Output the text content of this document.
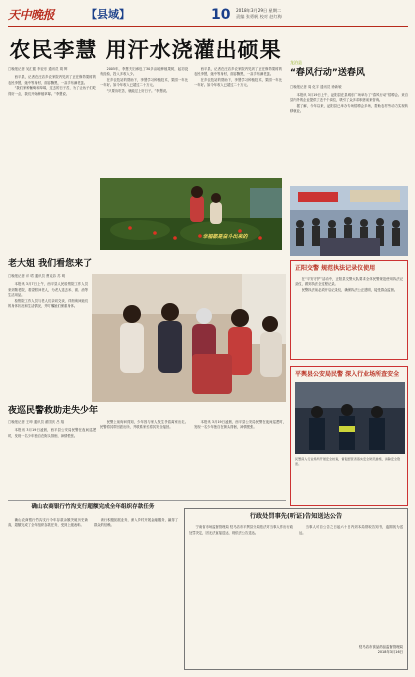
天中晚报	【县域】	10 2018年3月29日 星期二
责编 张勇帆 校对 赵红梅
农民李慧 用汗水浇灌出硕果
□晚报记者 吴汇健 李亚东 通讯员 胡 辉

西平县，记者在汪店乡农家院内见到了正在修剪果树的农民李慧，她中等身材，面容黝黑，一双手布满老茧。

“我们家种葡萄和草莓，过去的日子苦，为了让孩子们吃得好一点，我们开始种植草莓。”李慧说。

2005年，李慧夫妇承包了30多亩地种植果树，起初没有经验，投入多收入少。

在乡农技站的帮助下，李慧学习种植技术，果园一年比一年好。如今年收入已超过二十万元。

“只要肯吃苦，就能过上好日子。”李慧说。

西平县，记者在汪店乡农家院内见到了正在修剪果树的农民李慧，她中等身材，面容黝黑，一双手布满老茧。

在乡农技站的帮助下，李慧学习种植技术，果园一年比一年好。如今年收入已超过二十万元。

幸福都是奋斗出来的
龙泊县
“春风行动”送春风
□晚报记者 周 化宇 通讯员 徐新敏

本报讯 3月19日上午，泌阳县在县城东广场举办了“春风行动”招聘会。来自县内外的企业提供了近千个岗位，吸引了众多求职者前来咨询。

据了解，今年以来，泌阳县已举办专场招聘会多场，帮助农村劳动力实现转移就业。

老大姐 我们看您来了
□晚报记者 评 珺 通讯员 曹克彩 苏 明

本报讯 3月7日上午，西平县人民检察院工作人员来到敬老院，看望慰问老人，为老人送去米、面、油等生活用品。

检察院工作人员与老人们亲切交谈，详细询问她们的身体状况和生活情况，并叮嘱她们保重身体。

正阳交警 规范执法记录仪使用

在“平安守护”活动中，正阳县交警大队要求全体民警规范使用执法记录仪，做到执法全过程记录。

民警执法前必须开启记录仪，确保执法公正透明，接受群众监督。

平舆县公安局民警 深入行业场所查安全
民警深入行业场所开展安全检查，督促经营者落实安全防范措施，消除安全隐患。
夜巡民警救助走失少年
□晚报记者 王坤 通讯员 翟国庆 吕 翔

本报讯 3月19日凌晨，西平县公安局民警在夜间巡逻时，发现一名少年独自在街头徘徊，神情慌张。

民警上前询问得知，少年因与家人发生矛盾离家出走。民警将其带回派出所，并联系家长将其安全接回。

本报讯 3月19日凌晨，西平县公安局民警在夜间巡逻时，发现一名少年独自在街头徘徊，神情慌张。

确山农商银行竹沟支行超额完成全年组织存款任务

确山农商银行竹沟支行今年存款余额突破历史新高，超额完成了全年组织存款任务，受到上级表彰。

该行积极拓展业务，深入乡村开展金融服务，赢得了群众的信赖。

行政处罚事先(听证)告知送达公告

宁南省市场监督管理局 驻马店市平舆县分局依法对当事人作出行政处罚决定，因无法直接送达，现依法公告送达。

当事人可自公告之日起六十日内到本局领取告知书，逾期视为送达。

驻马店市食品药品监督管理局
2018年3月16日
